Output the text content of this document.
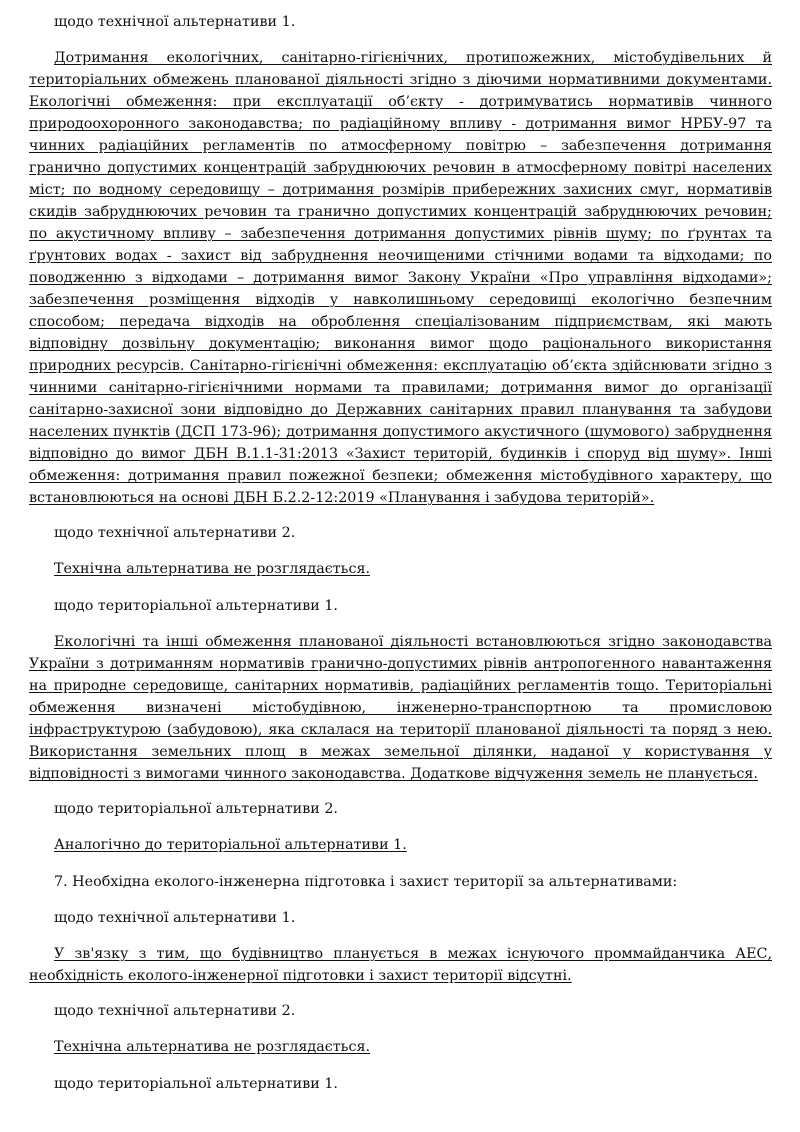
щодо технічної альтернативи 1.

Дотримання екологічних, санітарно-гігієнічних, протипожежних, містобудівельних й територіальних обмежень планованої діяльності згідно з діючими нормативними документами. Екологічні обмеження: при експлуатації об’єкту - дотримуватись нормативів чинного природоохоронного законодавства; по радіаційному впливу - дотримання вимог НРБУ-97 та чинних радіаційних регламентів по атмосферному повітрю – забезпечення дотримання гранично допустимих концентрацій забруднюючих речовин в атмосферному повітрі населених міст; по водному середовищу – дотримання розмірів прибережних захисних смуг, нормативів скидів забруднюючих речовин та гранично допустимих концентрацій забруднюючих речовин; по акустичному впливу – забезпечення дотримання допустимих рівнів шуму; по ґрунтах та ґрунтових водах - захист від забруднення неочищеними стічними водами та відходами; по поводженню з відходами – дотримання вимог Закону України «Про управління відходами»; забезпечення розміщення відходів у навколишньому середовищі екологічно безпечним способом; передача відходів на оброблення спеціалізованим підприємствам, які мають відповідну дозвільну документацію; виконання вимог щодо раціонального використання природних ресурсів. Санітарно-гігієнічні обмеження: експлуатацію об’єкта здійснювати згідно з чинними санітарно-гігієнічними нормами та правилами; дотримання вимог до організації санітарно-захисної зони відповідно до Державних санітарних правил планування та забудови населених пунктів (ДСП 173-96); дотримання допустимого акустичного (шумового) забруднення відповідно до вимог ДБН В.1.1-31:2013 «Захист територій, будинків і споруд від шуму». Інші обмеження: дотримання правил пожежної безпеки; обмеження містобудівного характеру, що встановлюються на основі ДБН Б.2.2-12:2019 «Планування і забудова територій».

щодо технічної альтернативи 2.

Технічна альтернатива не розглядається.

щодо територіальної альтернативи 1.

Екологічні та інші обмеження планованої діяльності встановлюються згідно законодавства України з дотриманням нормативів гранично-допустимих рівнів антропогенного навантаження на природне середовище, санітарних нормативів, радіаційних регламентів тощо. Територіальні обмеження визначені містобудівною, інженерно-транспортною та промисловою інфраструктурою (забудовою), яка склалася на території планованої діяльності та поряд з нею. Використання земельних площ в межах земельної ділянки, наданої у користування у відповідності з вимогами чинного законодавства. Додаткове відчуження земель не планується.

щодо територіальної альтернативи 2.

Аналогічно до територіальної альтернативи 1.

7. Необхідна еколого-інженерна підготовка і захист території за альтернативами:

щодо технічної альтернативи 1.

У зв'язку з тим, що будівництво планується в межах існуючого проммайданчика АЕС, необхідність еколого-інженерної підготовки і захист території відсутні.

щодо технічної альтернативи 2.

Технічна альтернатива не розглядається.

щодо територіальної альтернативи 1.
